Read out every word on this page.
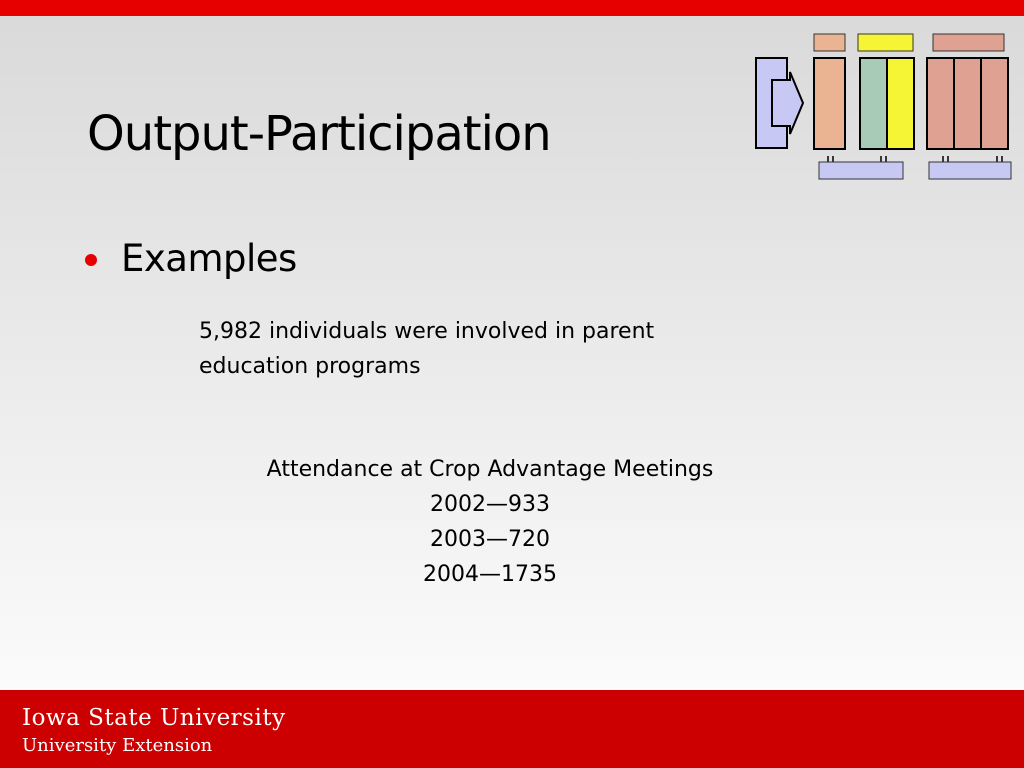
Output-Participation
Examples
5,982 individuals were involved in parent education programs
Attendance at Crop Advantage Meetings
2002—933
2003—720
2004—1735
Iowa State University
University Extension
